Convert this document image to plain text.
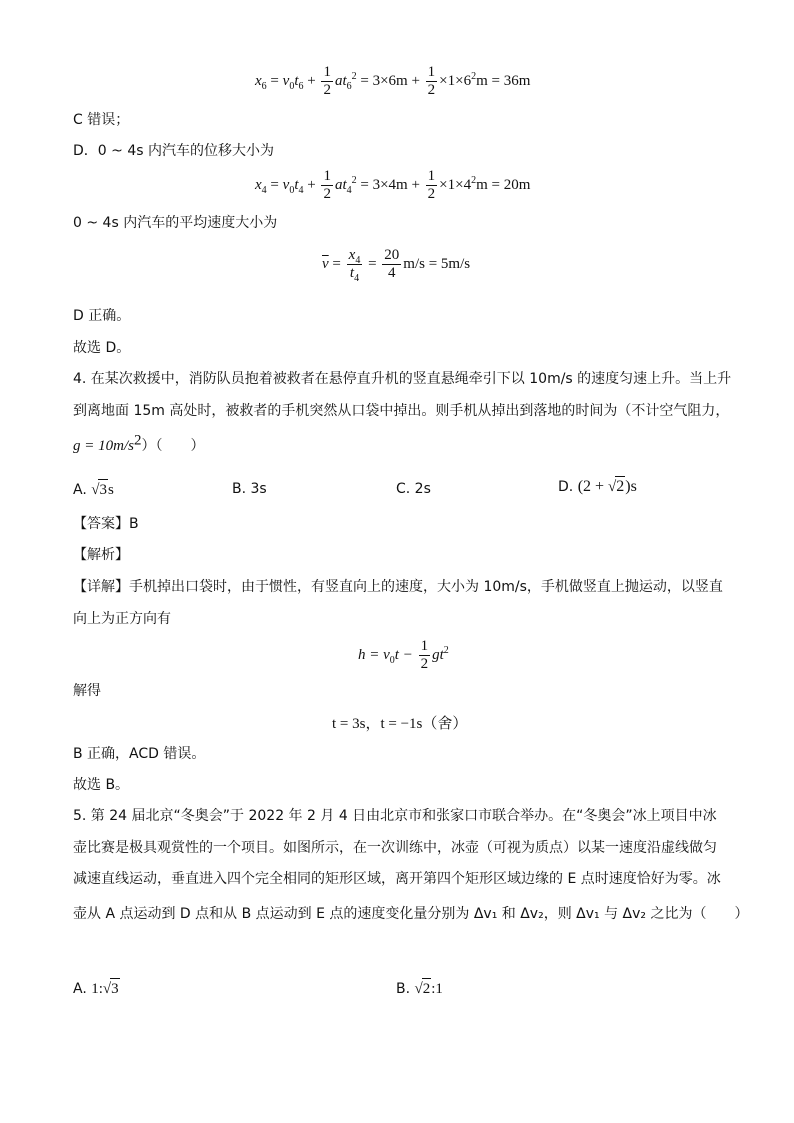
$x_6 = v_0t_6 + \frac{1}{2} at_6^2 = 3\times 6m + \frac{1}{2} \times 1\times 6^2m = 36m$
C 错误；
D．0 ~ 4s 内汽车的位移大小为
$x_4 = v_0t_4 + \frac{1}{2} at_4^2 = 3\times 4m + \frac{1}{2} \times 1\times 4^2m = 20m$
0 ~ 4s 内汽车的平均速度大小为
$\overline{v} = \frac{x_4}{t_4} = \frac{20}{4} m/s = 5m/s$
D 正确。
故选 D。
4. 在某次救援中，消防队员抱着被救者在悬停直升机的竖直悬绳牵引下以 10m/s 的速度匀速上升。当上升
到离地面 15m 高处时，被救者的手机突然从口袋中掉出。则手机从掉出到落地的时间为（不计空气阻力，
$g = 10m/s^2$）（　　）
A. √3s	B. 3s	C. 2s	D. (2 + √2)s
【答案】B
【解析】
【详解】手机掉出口袋时，由于惯性，有竖直向上的速度，大小为 10m/s，手机做竖直上抛运动，以竖直
向上为正方向有
$h = v_0t - \frac{1}{2} gt^2$
解得
t = 3s，t = −1s（舍）
B 正确，ACD 错误。
故选 B。
5. 第 24 届北京“冬奥会”于 2022 年 2 月 4 日由北京市和张家口市联合举办。在“冬奥会”冰上项目中冰
壶比赛是极具观赏性的一个项目。如图所示，在一次训练中，冰壶（可视为质点）以某一速度沿虚线做匀
减速直线运动，垂直进入四个完全相同的矩形区域，离开第四个矩形区域边缘的 E 点时速度恰好为零。冰
壶从 A 点运动到 D 点和从 B 点运动到 E 点的速度变化量分别为 Δv₁ 和 Δv₂，则 Δv₁ 与 Δv₂ 之比为（　　）
A. 1:√3	B. √2:1
